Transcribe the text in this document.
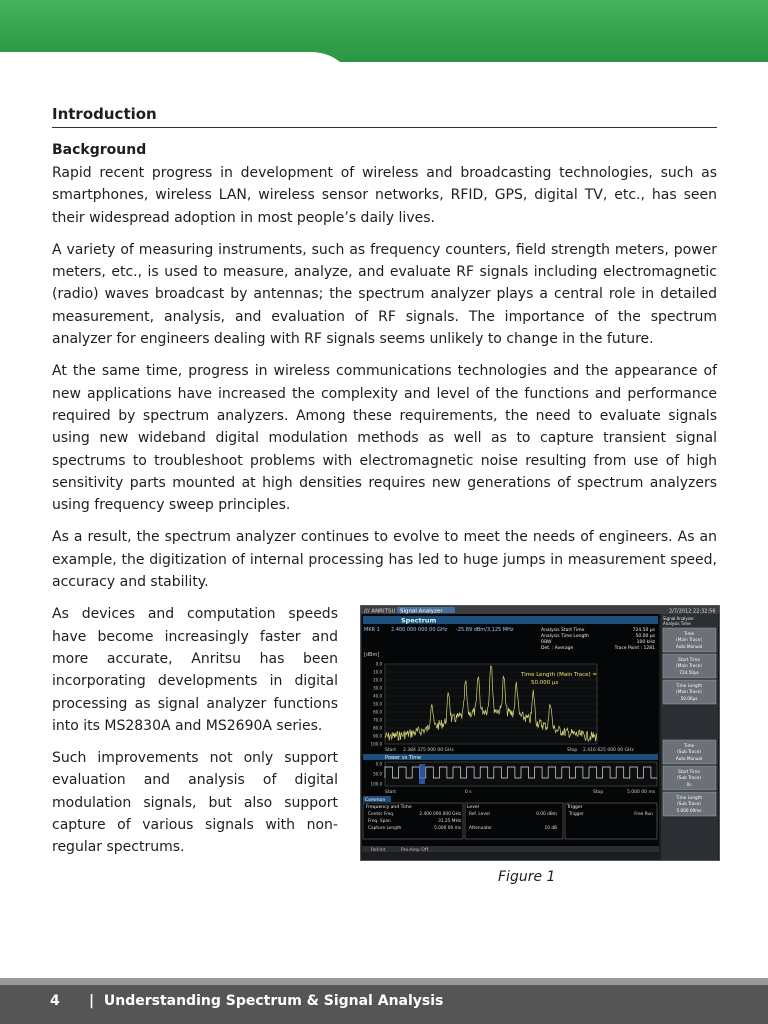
Introduction
Background

Rapid recent progress in development of wireless and broadcasting technologies, such as smartphones, wireless LAN, wireless sensor networks, RFID, GPS, digital TV, etc., has seen their widespread adoption in most people’s daily lives.

A variety of measuring instruments, such as frequency counters, field strength meters, power meters, etc., is used to measure, analyze, and evaluate RF signals including electromagnetic (radio) waves broadcast by antennas; the spectrum analyzer plays a central role in detailed measurement, analysis, and evaluation of RF signals. The importance of the spectrum analyzer for engineers dealing with RF signals seems unlikely to change in the future.

At the same time, progress in wireless communications technologies and the appearance of new applications have increased the complexity and level of the functions and performance required by spectrum analyzers. Among these requirements, the need to evaluate signals using new wideband digital modulation methods as well as to capture transient signal spectrums to troubleshoot problems with electromagnetic noise resulting from use of high sensitivity parts mounted at high densities requires new generations of spectrum analyzers using frequency sweep principles.

As a result, the spectrum analyzer continues to evolve to meet the needs of engineers. As an example, the digitization of internal processing has led to huge jumps in measurement speed, accuracy and stability.

As devices and computation speeds have become increasingly faster and more accurate, Anritsu has been incorporating developments in digital processing as signal analyzer functions into its MS2830A and MS2690A series.

Such improvements not only support evaluation and analysis of digital modulation signals, but also support capture of various signals with non-regular spectrums.

/// ANRITSU Signal Analyzer	2/7/2012 22:32:56
Spectrum
MKR 1 2.400 000 000 00 GHz -25.89 dBm/3.125 MHz	Analysis Start Time	724.50 µs
Analysis Time Length	50.00 µs
RBW	100 kHz
Det. : Average	Trace Point : 1281
[dBm]
0.0
10.0
20.0
30.0
40.0
50.0
60.0
70.0
80.0
90.0
100.0
Time Length (Main Trace) =
50.000 µs
Start 2.384 375 000 00 GHz	Stop 2.416 625 000 00 GHz
Power vs Time
0.0
50.0
100.0
Start	0 s	Stop	5.000 00 ms
Common
Frequency and Time	Level	Trigger
Center Freq.	2.400 000 000 GHz
Freq. Span	31.25 MHz
Capture Length	5.000 00 ms
Ref. Level	0.00 dBm
Attenuator	10 dB
Trigger	Free Run
Ref.Int	Pre-Amp Off
Signal Analyzer
Analysis Time
Time
(Main Trace)
Auto Manual
Start Time
(Main Trace)
724.50µs
Time Length
(Main Trace)
50.00µs
Time
(Sub Trace)
Auto Manual
Start Time
(Sub Trace)
0s
Time Length
(Sub Trace)
5.000 00ms
Figure 1
4      |  Understanding Spectrum & Signal Analysis
